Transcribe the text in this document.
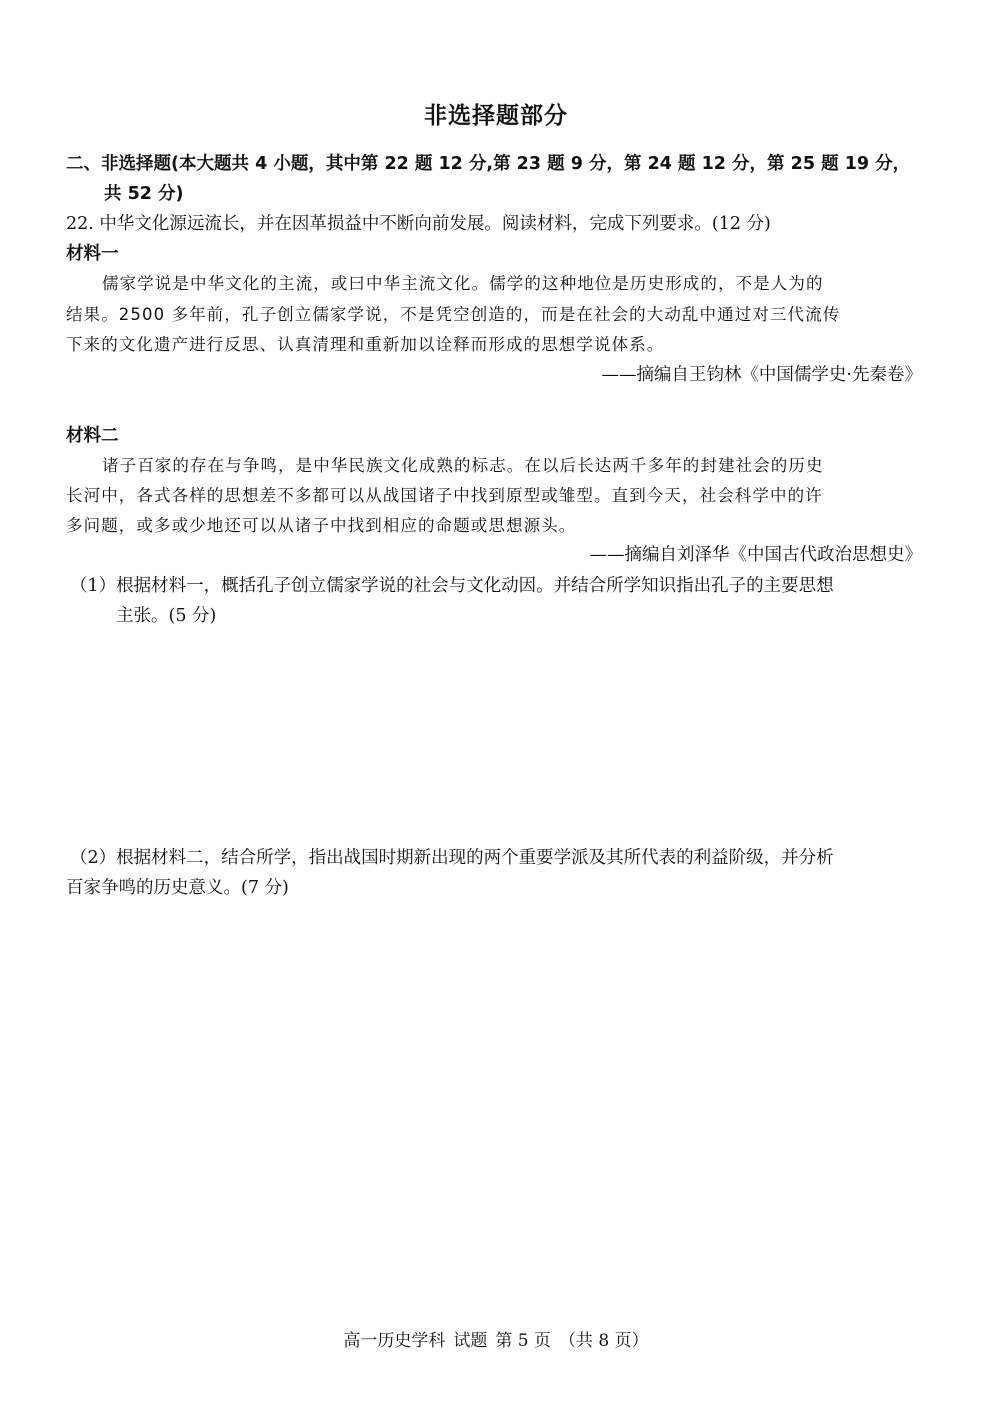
非选择题部分
二、非选择题(本大题共 4 小题，其中第 22 题 12 分,第 23 题 9 分，第 24 题 12 分，第 25 题 19 分，
共 52 分)
22. 中华文化源远流长，并在因革损益中不断向前发展。阅读材料，完成下列要求。(12 分)
材料一
儒家学说是中华文化的主流，或曰中华主流文化。儒学的这种地位是历史形成的，不是人为的
结果。2500 多年前，孔子创立儒家学说，不是凭空创造的，而是在社会的大动乱中通过对三代流传
下来的文化遗产进行反思、认真清理和重新加以诠释而形成的思想学说体系。
——摘编自王钧林《中国儒学史·先秦卷》
材料二
诸子百家的存在与争鸣，是中华民族文化成熟的标志。在以后长达两千多年的封建社会的历史
长河中，各式各样的思想差不多都可以从战国诸子中找到原型或雏型。直到今天，社会科学中的许
多问题，或多或少地还可以从诸子中找到相应的命题或思想源头。
——摘编自刘泽华《中国古代政治思想史》
（1）根据材料一，概括孔子创立儒家学说的社会与文化动因。并结合所学知识指出孔子的主要思想
主张。(5 分)
（2）根据材料二，结合所学，指出战国时期新出现的两个重要学派及其所代表的利益阶级，并分析
百家争鸣的历史意义。(7 分)
高一历史学科 试题 第 5 页 （共 8 页）
